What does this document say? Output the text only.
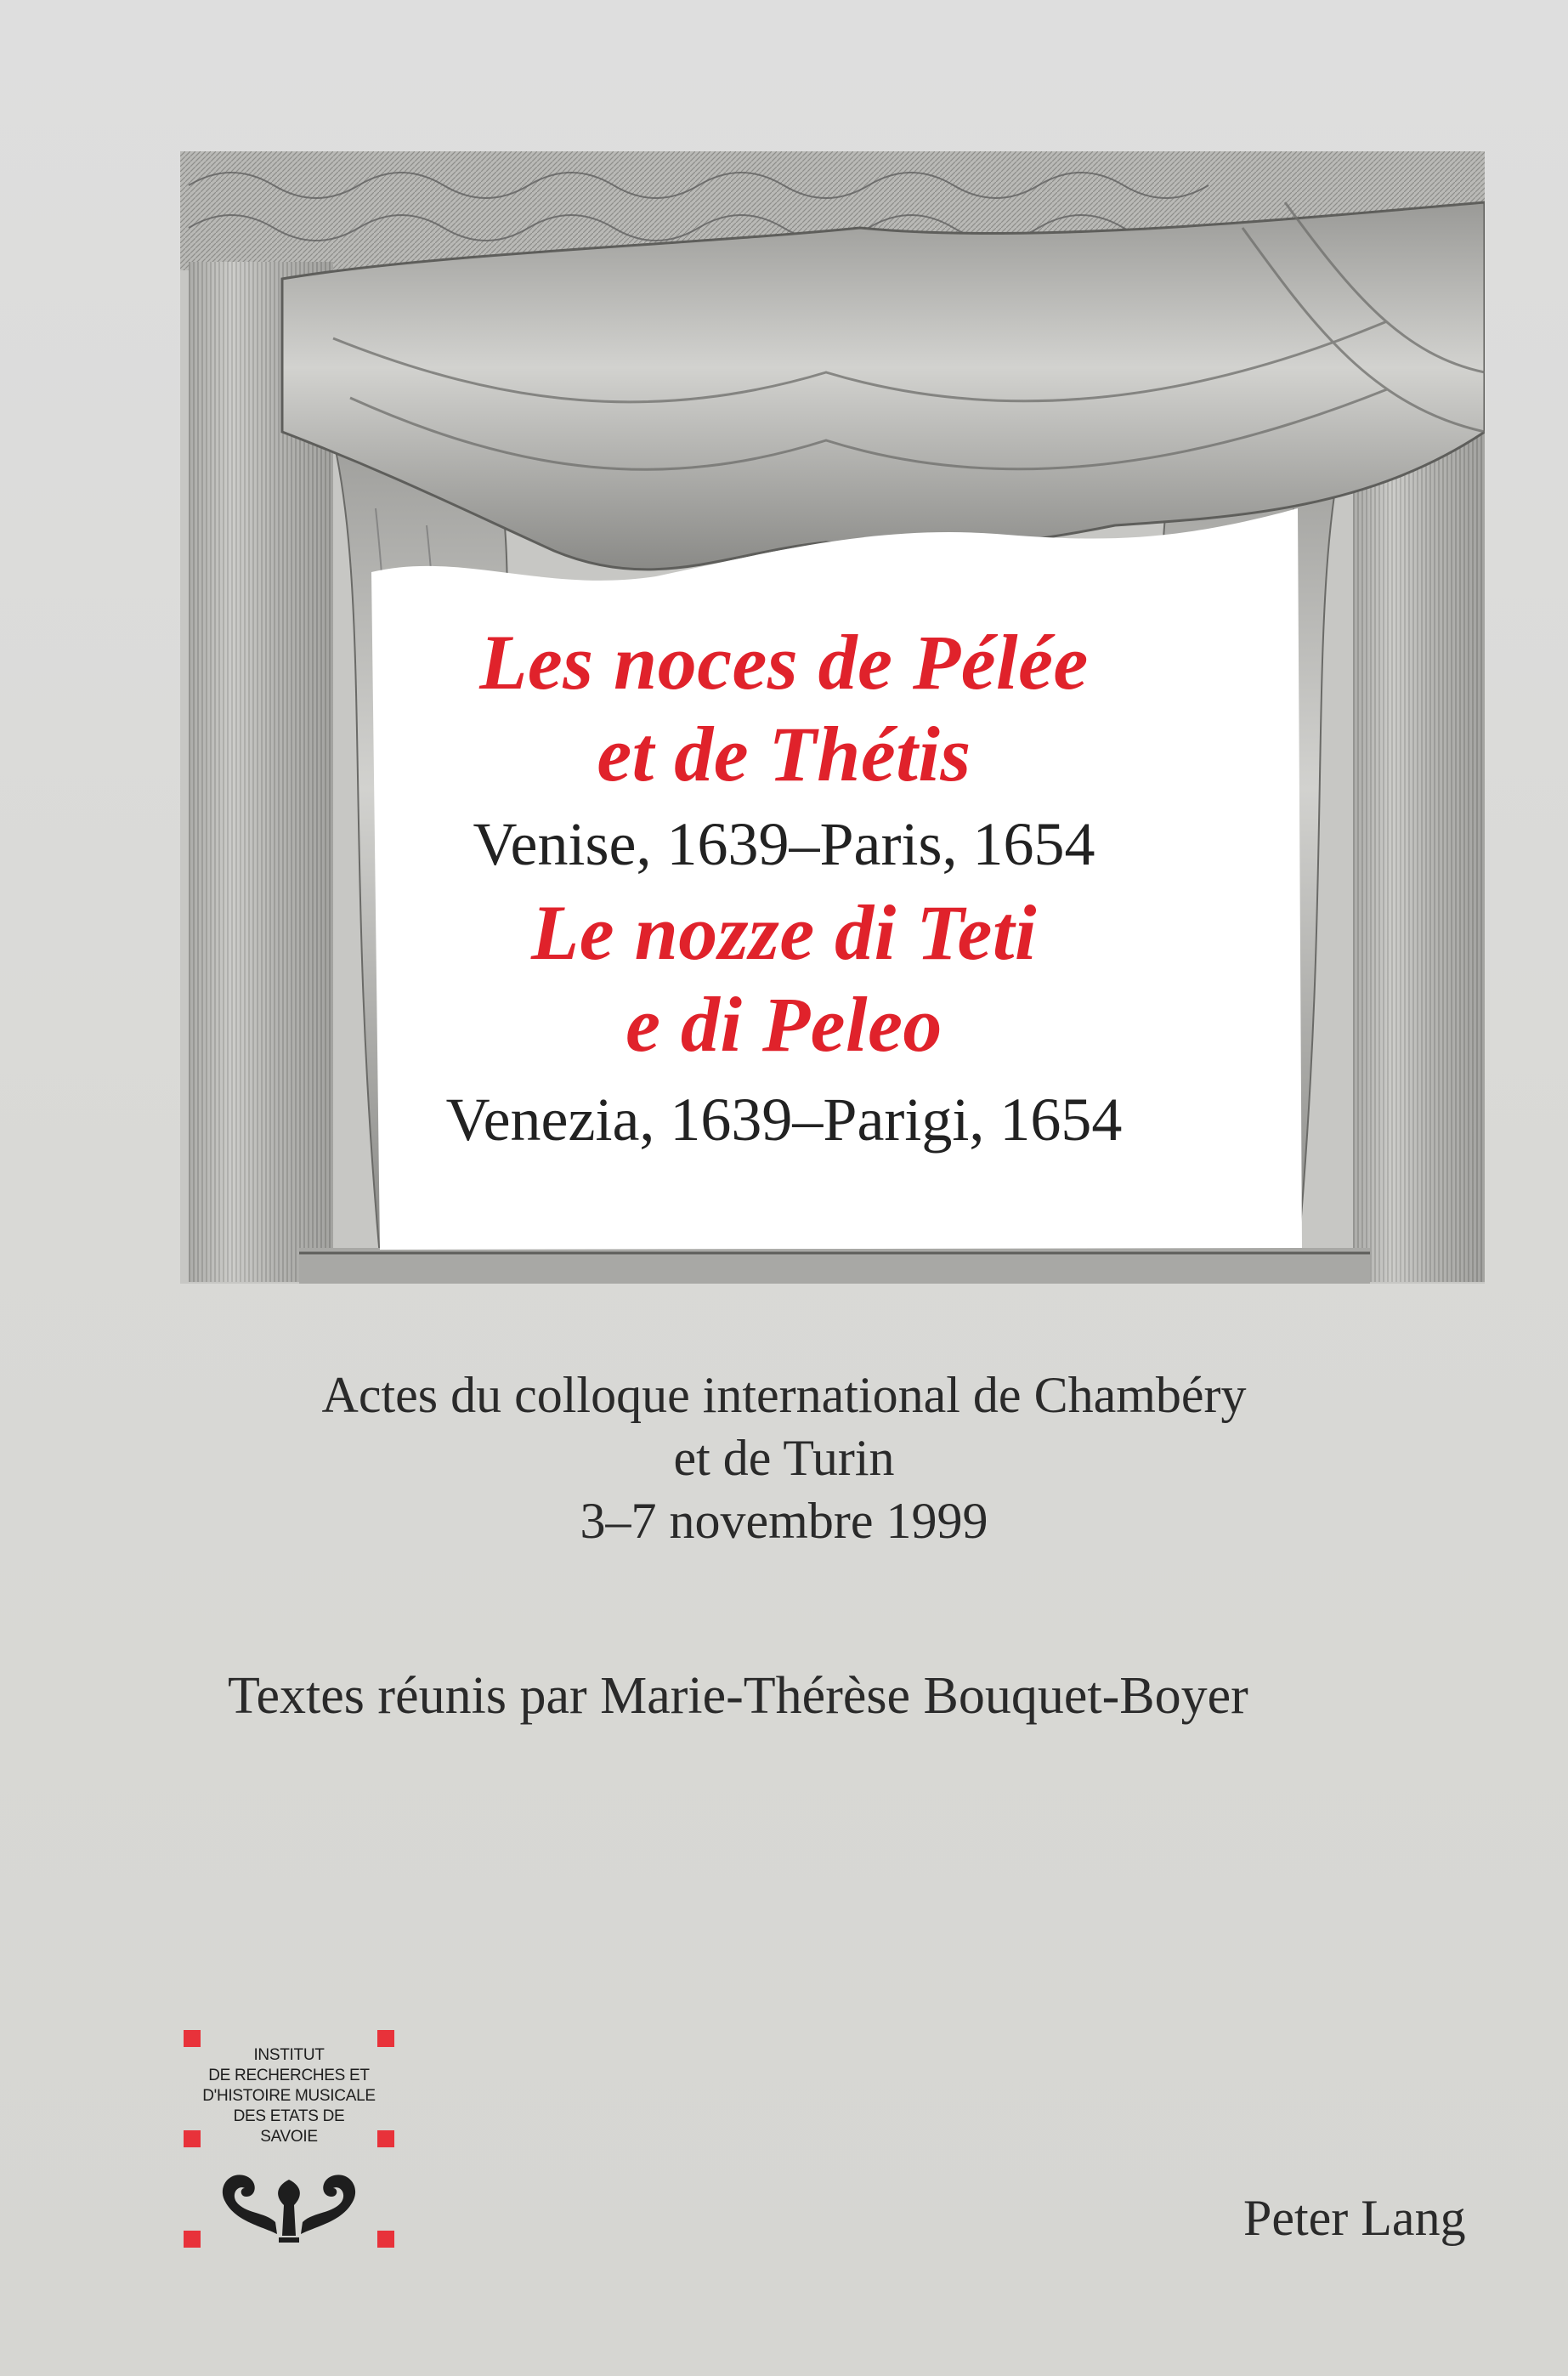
Les noces de Pélée
et de Thétis
Venise, 1639–Paris, 1654
Le nozze di Teti
e di Peleo
Venezia, 1639–Parigi, 1654
Actes du colloque international de Chambéry
et de Turin
3–7 novembre 1999
Textes réunis par Marie-Thérèse Bouquet-Boyer
INSTITUT
DE RECHERCHES ET
D'HISTOIRE MUSICALE
DES ETATS DE
SAVOIE
Peter Lang
